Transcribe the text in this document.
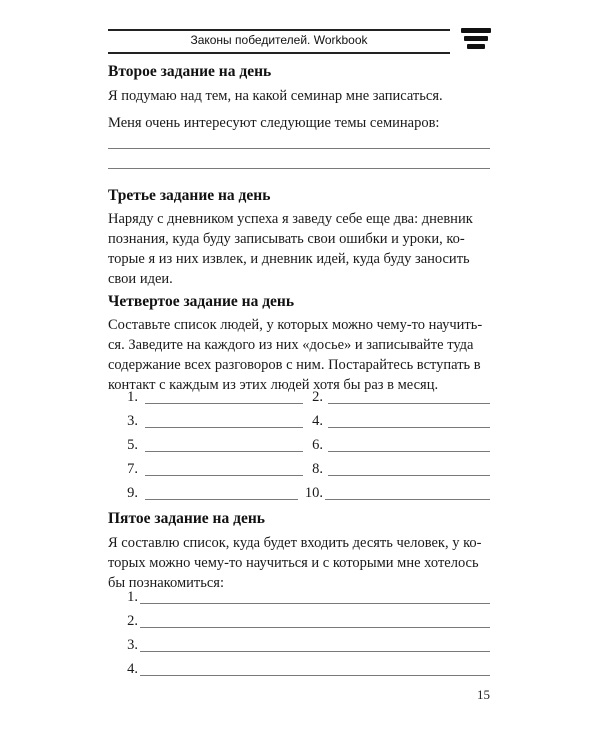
Законы победителей. Workbook
Второе задание на день

Я подумаю над тем, на какой семинар мне записаться.

Меня очень интересуют следующие темы семинаров:

Третье задание на день

Наряду с дневником успеха я заведу себе еще два: дневник

познания, куда буду записывать свои ошибки и уроки, ко-

торые я из них извлек, и дневник идей, куда буду заносить

свои идеи.

Четвертое задание на день

Составьте список людей, у которых можно чему-то научить-

ся. Заведите на каждого из них «досье» и записывайте туда

содержание всех разговоров с ним. Постарайтесь вступать в

контакт с каждым из этих людей хотя бы раз в месяц.

1.	2.
3.	4.
5.	6.
7.	8.
9.	10.
Пятое задание на день

Я составлю список, куда будет входить десять человек, у ко-

торых можно чему-то научиться и с которыми мне хотелось

бы познакомиться:

1.
2.
3.
4.
15
